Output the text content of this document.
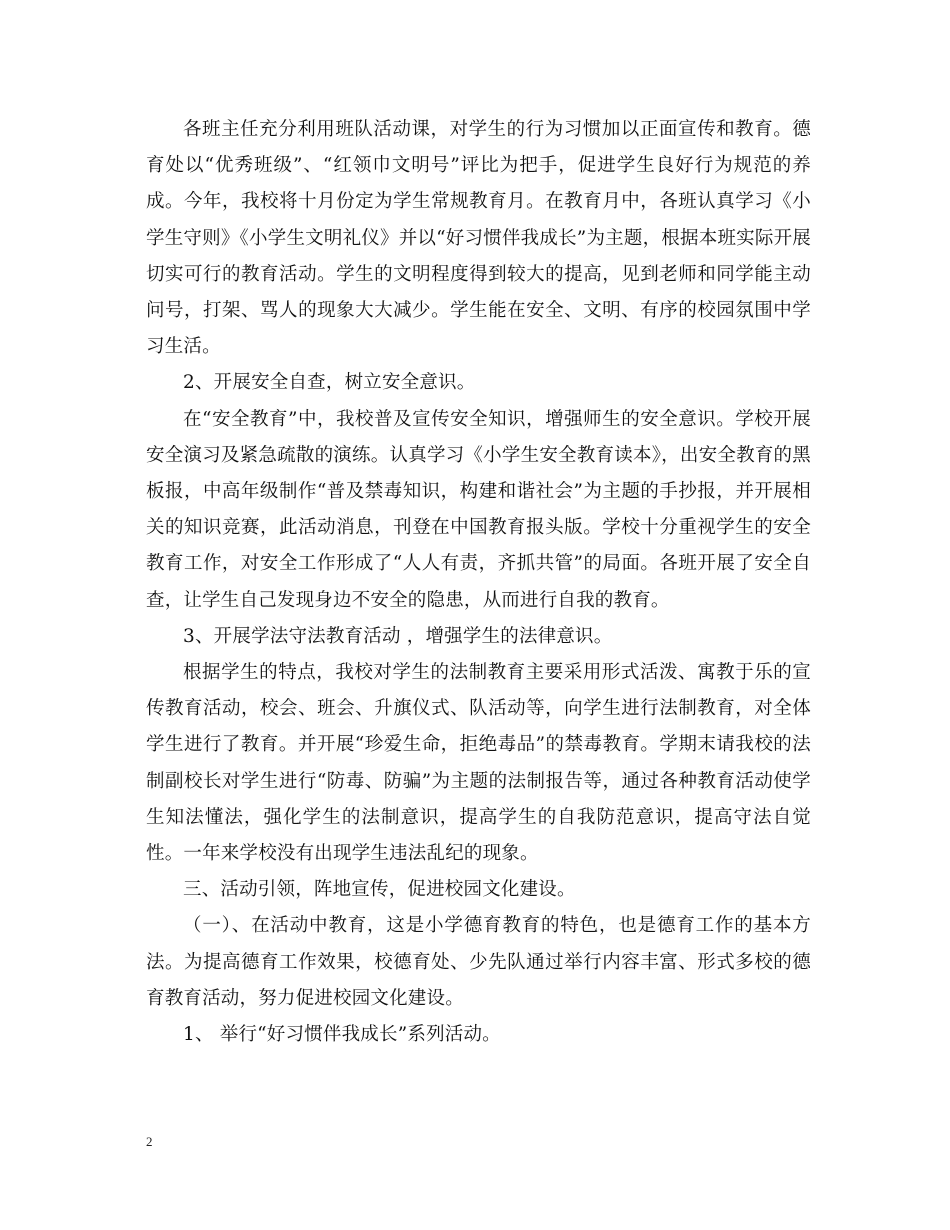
各班主任充分利用班队活动课，对学生的行为习惯加以正面宣传和教育。德育处以“优秀班级”、“红领巾文明号”评比为把手，促进学生良好行为规范的养成。今年，我校将十月份定为学生常规教育月。在教育月中，各班认真学习《小学生守则》《小学生文明礼仪》并以“好习惯伴我成长”为主题，根据本班实际开展切实可行的教育活动。学生的文明程度得到较大的提高，见到老师和同学能主动问号，打架、骂人的现象大大减少。学生能在安全、文明、有序的校园氛围中学习生活。

2、开展安全自查，树立安全意识。

在“安全教育”中，我校普及宣传安全知识，增强师生的安全意识。学校开展安全演习及紧急疏散的演练。认真学习《小学生安全教育读本》，出安全教育的黑板报，中高年级制作“普及禁毒知识，构建和谐社会”为主题的手抄报，并开展相关的知识竞赛，此活动消息，刊登在中国教育报头版。学校十分重视学生的安全教育工作，对安全工作形成了“人人有责，齐抓共管”的局面。各班开展了安全自查，让学生自己发现身边不安全的隐患，从而进行自我的教育。

3、开展学法守法教育活动 ，增强学生的法律意识。

根据学生的特点，我校对学生的法制教育主要采用形式活泼、寓教于乐的宣传教育活动，校会、班会、升旗仪式、队活动等，向学生进行法制教育，对全体学生进行了教育。并开展“珍爱生命，拒绝毒品”的禁毒教育。学期末请我校的法制副校长对学生进行“防毒、防骗”为主题的法制报告等，通过各种教育活动使学生知法懂法，强化学生的法制意识，提高学生的自我防范意识，提高守法自觉性。一年来学校没有出现学生违法乱纪的现象。

三、活动引领，阵地宣传，促进校园文化建设。

（一）、在活动中教育，这是小学德育教育的特色，也是德育工作的基本方法。为提高德育工作效果，校德育处、少先队通过举行内容丰富、形式多校的德育教育活动，努力促进校园文化建设。

1、 举行“好习惯伴我成长”系列活动。

2
